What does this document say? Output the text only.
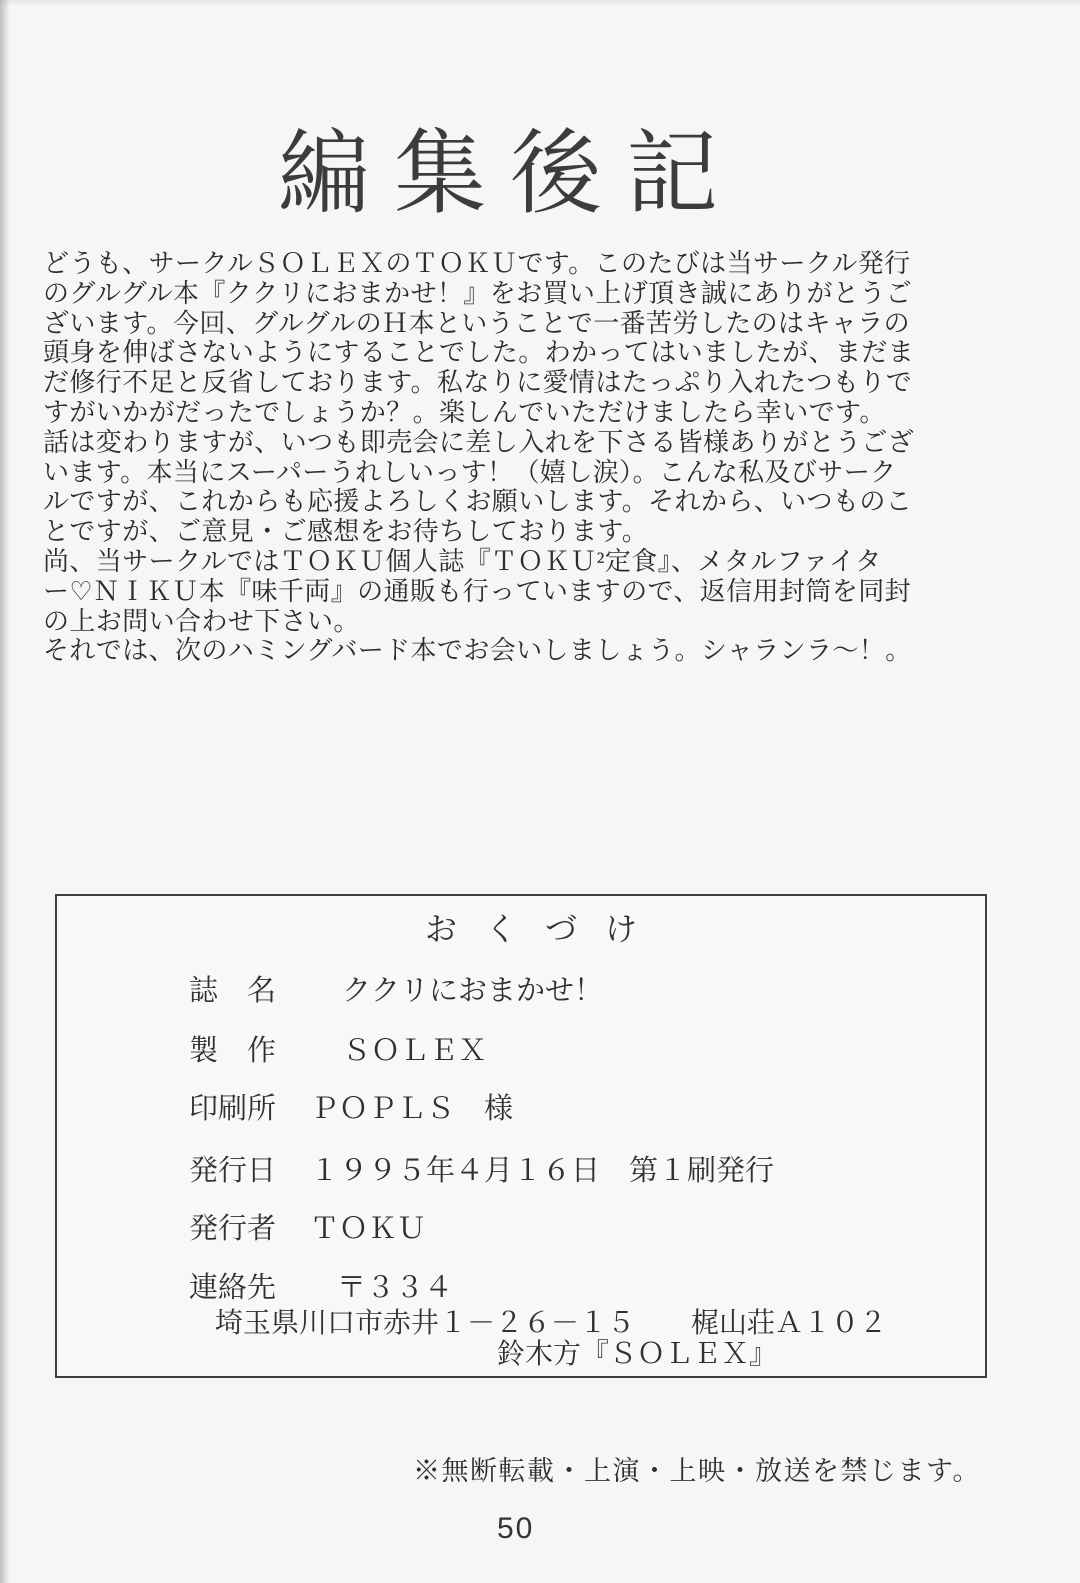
編集後記
どうも、サークルＳＯＬＥＸのＴＯＫＵです。このたびは当サークル発行
のグルグル本『ククリにおまかせ！』をお買い上げ頂き誠にありがとうご
ざいます。今回、グルグルのＨ本ということで一番苦労したのはキャラの
頭身を伸ばさないようにすることでした。わかってはいましたが、まだま
だ修行不足と反省しております。私なりに愛情はたっぷり入れたつもりで
すがいかがだったでしょうか？。楽しんでいただけましたら幸いです。
話は変わりますが、いつも即売会に差し入れを下さる皆様ありがとうござ
います。本当にスーパーうれしいっす！（嬉し涙）。こんな私及びサーク
ルですが、これからも応援よろしくお願いします。それから、いつものこ
とですが、ご意見・ご感想をお待ちしております。
尚、当サークルではＴＯＫＵ個人誌『ＴＯＫＵ²定食』、メタルファイタ
ー♡ＮＩＫＵ本『味千両』の通販も行っていますので、返信用封筒を同封
の上お問い合わせ下さい。
それでは、次のハミングバード本でお会いしましょう。シャランラ〜！。
おくづけ
誌　名 ククリにおまかせ！
製　作 ＳＯＬＥＸ
印刷所 ＰＯＰＬＳ　様
発行日 １９９５年４月１６日　第１刷発行
発行者 ＴＯＫＵ
連絡先 〒３３４
埼玉県川口市赤井１－２６－１５　　梶山荘Ａ１０２
鈴木方『ＳＯＬＥＸ』
※無断転載・上演・上映・放送を禁じます。
50
